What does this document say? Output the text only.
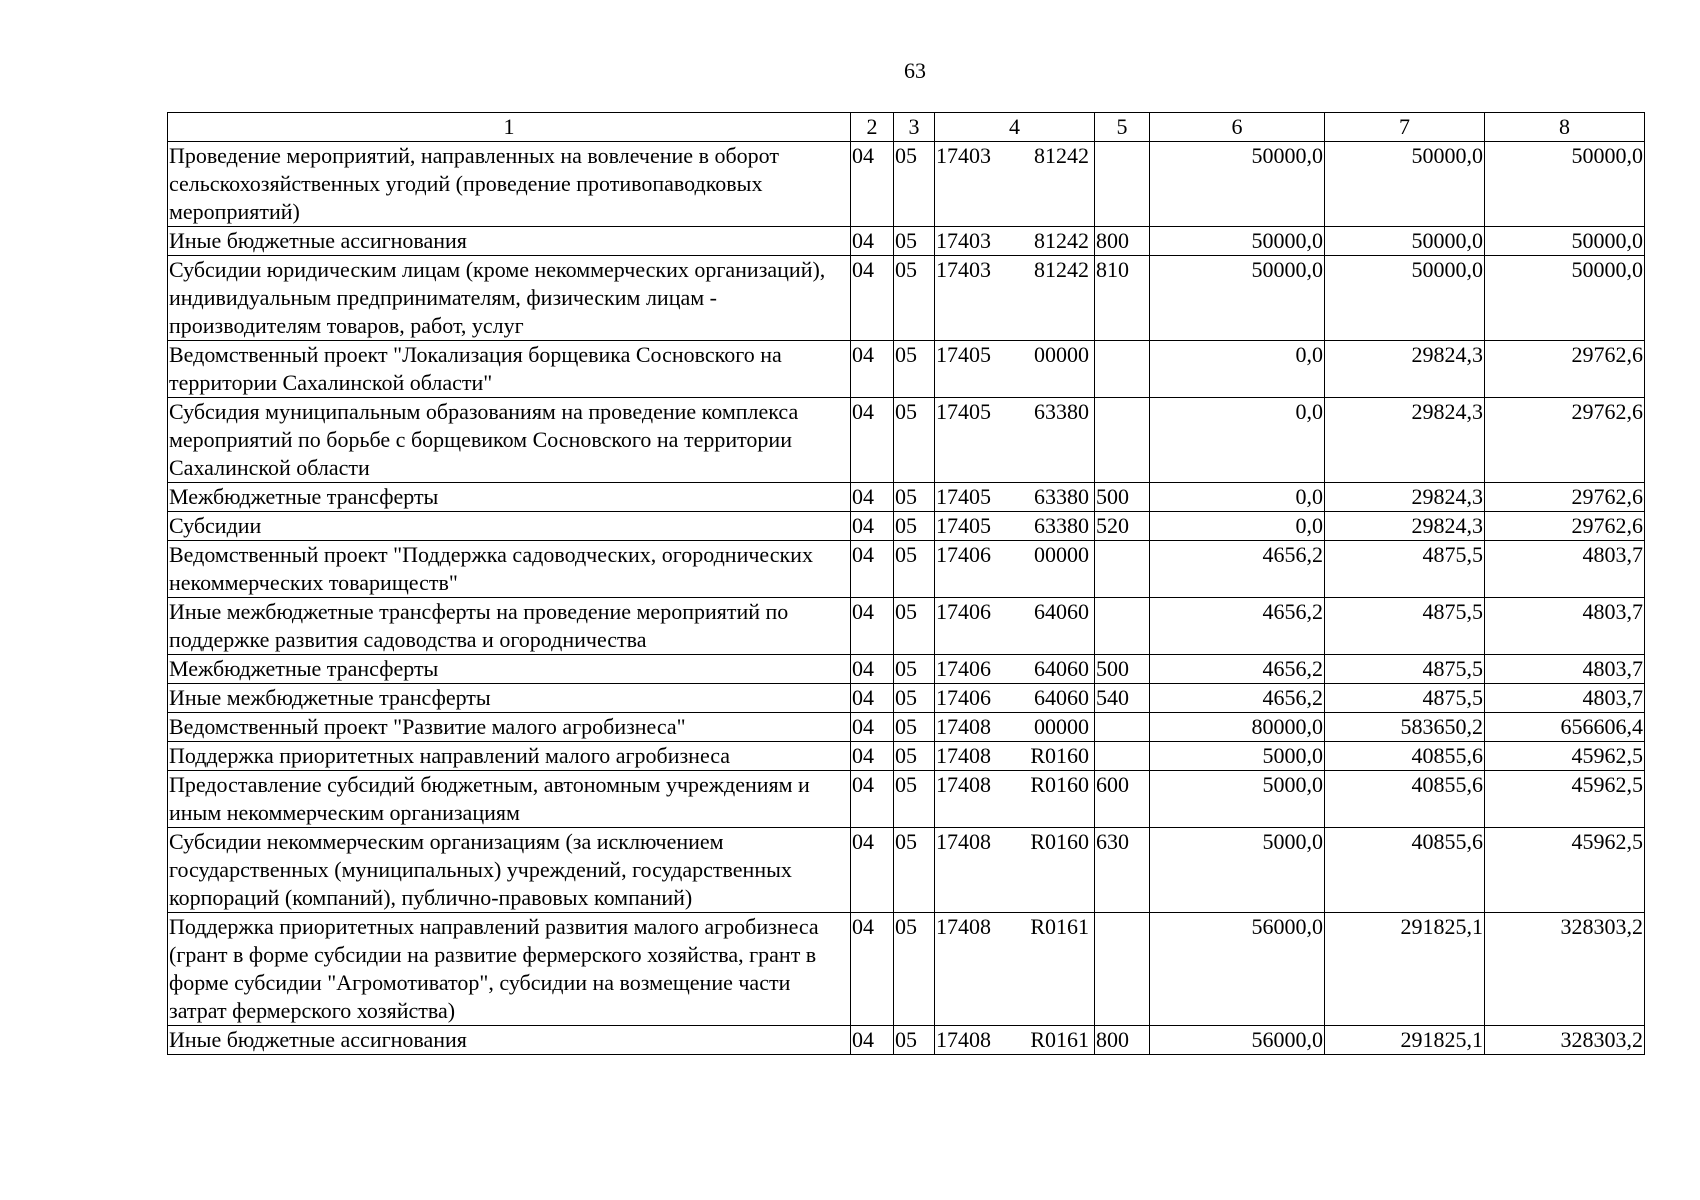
63
1	2	3	4	5	6	7	8
Проведение мероприятий, направленных на вовлечение в оборот сельскохозяйственных угодий (проведение противопаводковых мероприятий)	04	05	17403 81242		50000,0	50000,0	50000,0
Иные бюджетные ассигнования	04	05	17403 81242	800	50000,0	50000,0	50000,0
Субсидии юридическим лицам (кроме некоммерческих организаций), индивидуальным предпринимателям, физическим лицам - производителям товаров, работ, услуг	04	05	17403 81242	810	50000,0	50000,0	50000,0
Ведомственный проект "Локализация борщевика Сосновского на территории Сахалинской области"	04	05	17405 00000		0,0	29824,3	29762,6
Субсидия муниципальным образованиям на проведение комплекса мероприятий по борьбе с борщевиком Сосновского на территории Сахалинской области	04	05	17405 63380		0,0	29824,3	29762,6
Межбюджетные трансферты	04	05	17405 63380	500	0,0	29824,3	29762,6
Субсидии	04	05	17405 63380	520	0,0	29824,3	29762,6
Ведомственный проект "Поддержка садоводческих, огороднических некоммерческих товариществ"	04	05	17406 00000		4656,2	4875,5	4803,7
Иные межбюджетные трансферты на проведение мероприятий по поддержке развития садоводства и огородничества	04	05	17406 64060		4656,2	4875,5	4803,7
Межбюджетные трансферты	04	05	17406 64060	500	4656,2	4875,5	4803,7
Иные межбюджетные трансферты	04	05	17406 64060	540	4656,2	4875,5	4803,7
Ведомственный проект "Развитие малого агробизнеса"	04	05	17408 00000		80000,0	583650,2	656606,4
Поддержка приоритетных направлений малого агробизнеса	04	05	17408 R0160		5000,0	40855,6	45962,5
Предоставление субсидий бюджетным, автономным учреждениям и иным некоммерческим организациям	04	05	17408 R0160	600	5000,0	40855,6	45962,5
Субсидии некоммерческим организациям (за исключением государственных (муниципальных) учреждений, государственных корпораций (компаний), публично-правовых компаний)	04	05	17408 R0160	630	5000,0	40855,6	45962,5
Поддержка приоритетных направлений развития малого агробизнеса (грант в форме субсидии на развитие фермерского хозяйства, грант в форме субсидии "Агромотиватор", субсидии на возмещение части затрат фермерского хозяйства)	04	05	17408 R0161		56000,0	291825,1	328303,2
Иные бюджетные ассигнования	04	05	17408 R0161	800	56000,0	291825,1	328303,2
